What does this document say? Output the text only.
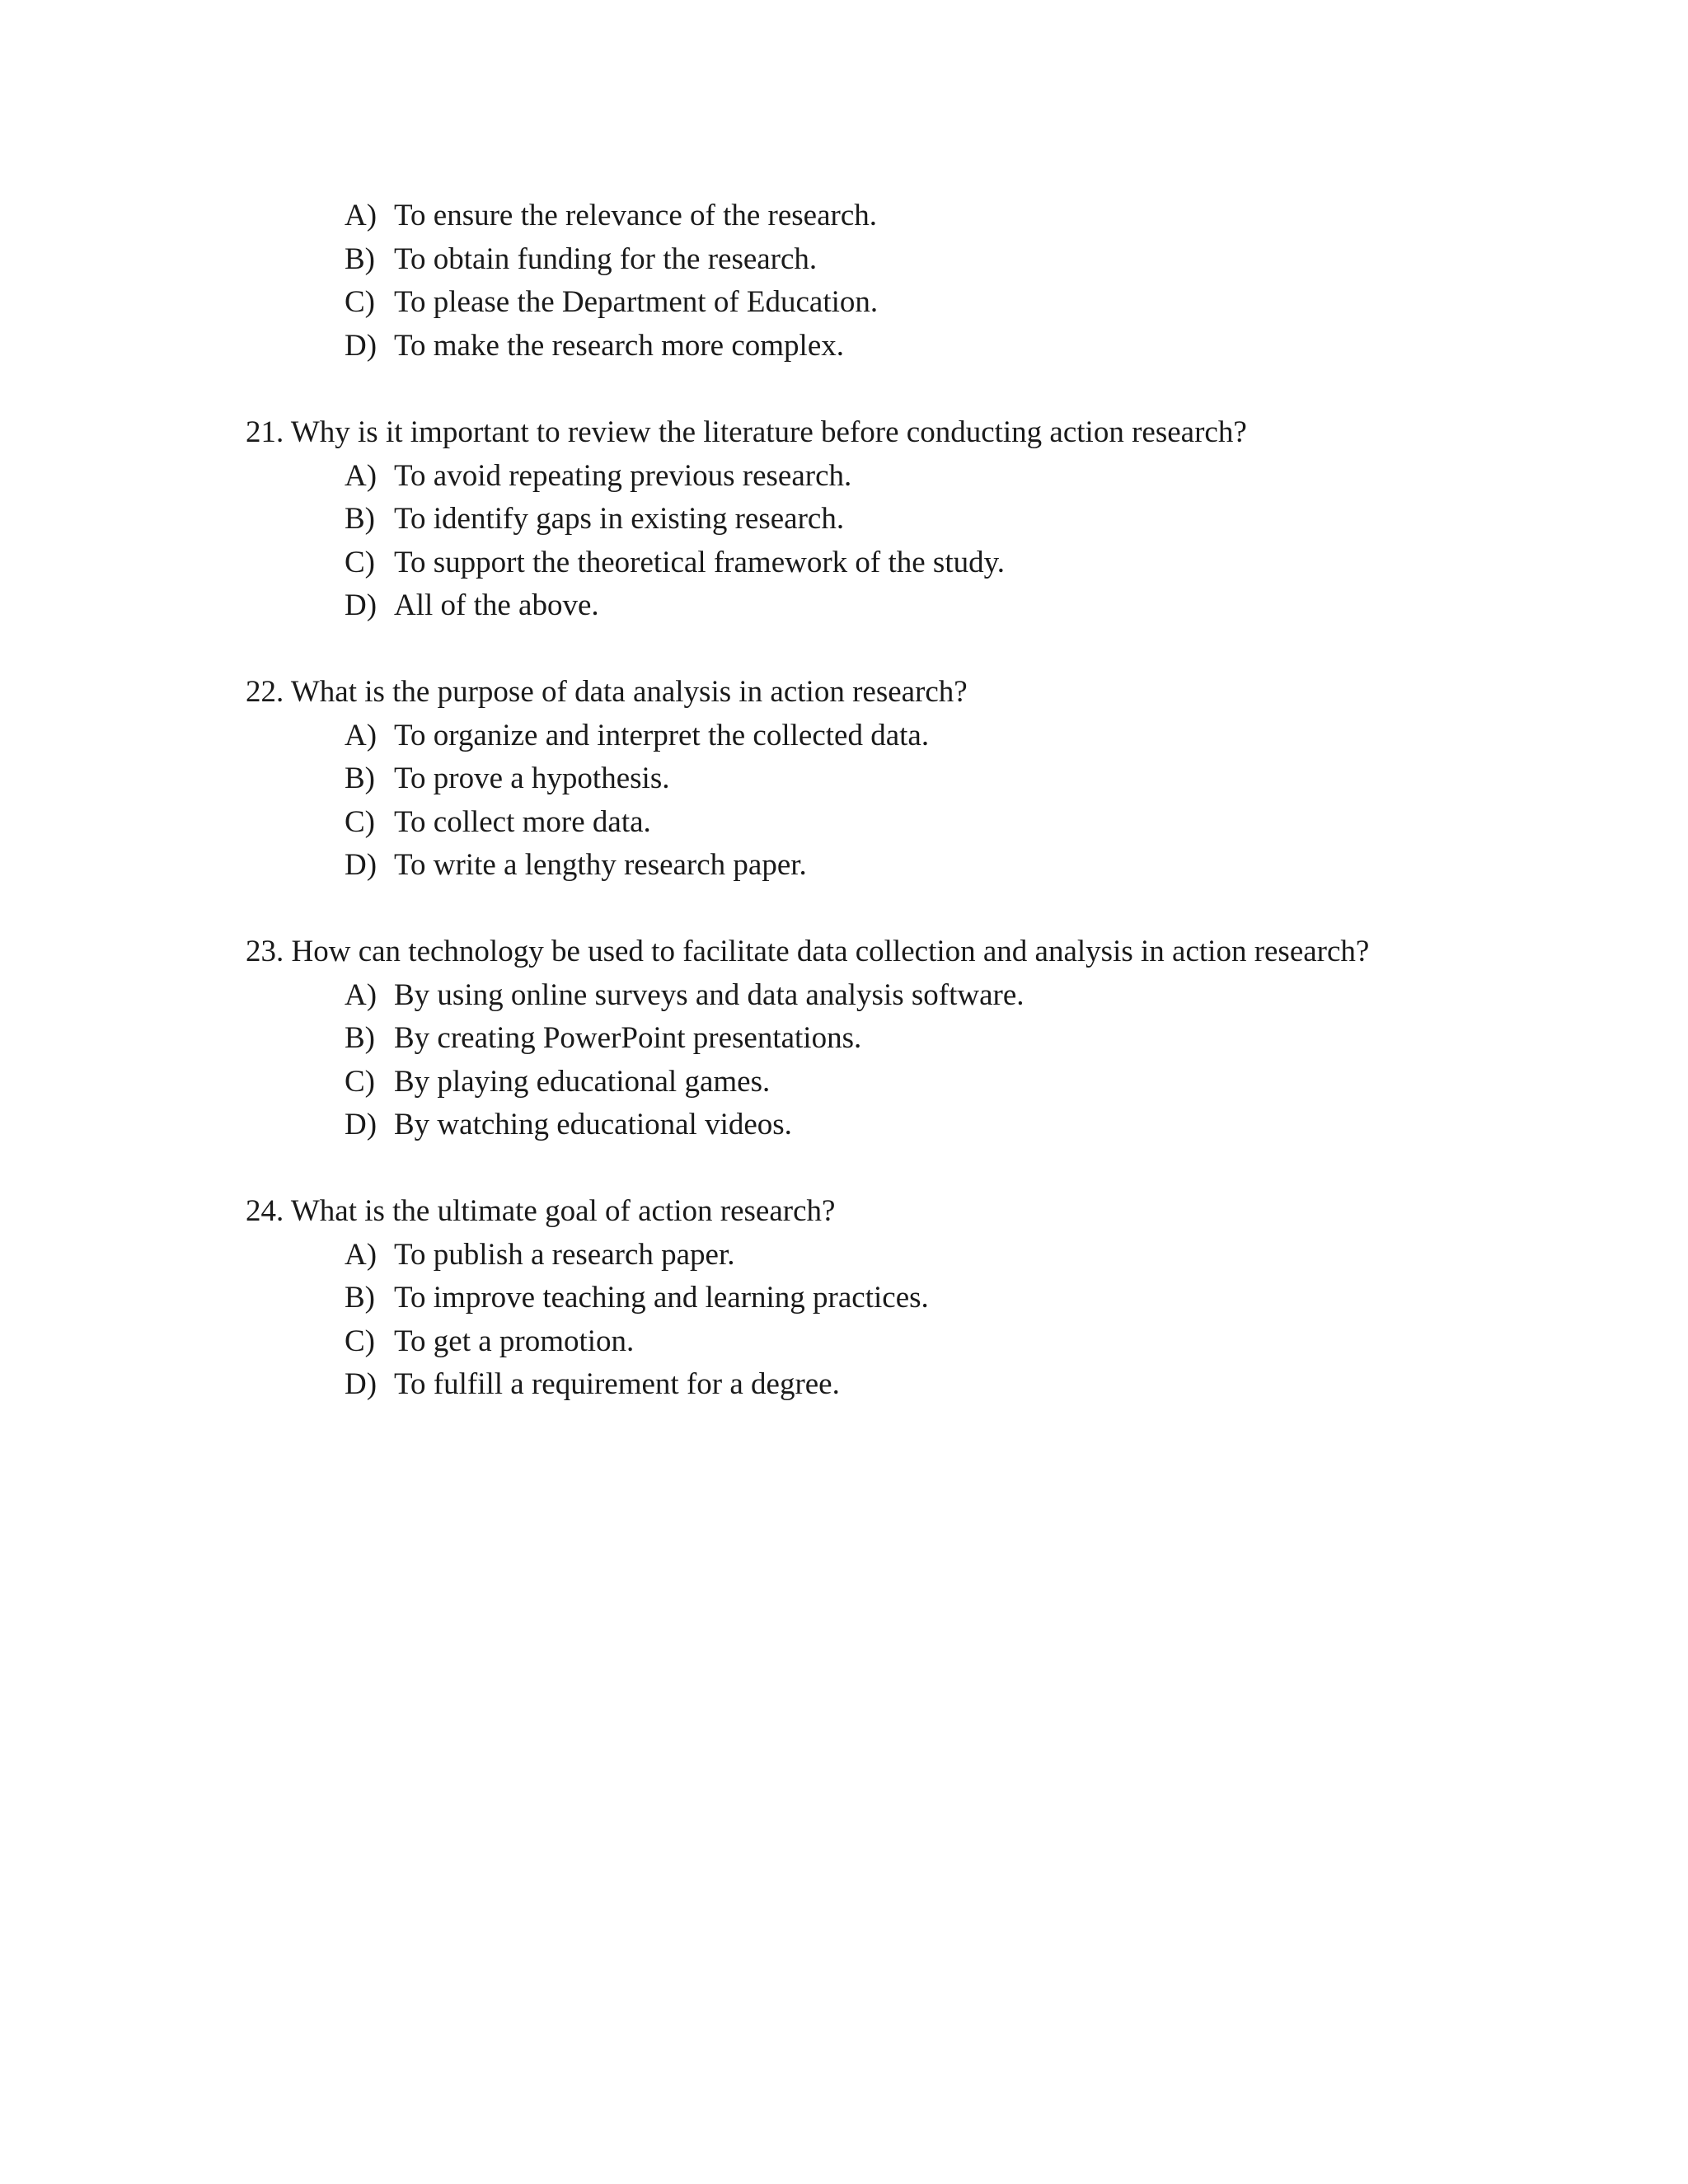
A) To ensure the relevance of the research.
B) To obtain funding for the research.
C) To please the Department of Education.
D) To make the research more complex.
21. Why is it important to review the literature before conducting action research?
A) To avoid repeating previous research.
B) To identify gaps in existing research.
C) To support the theoretical framework of the study.
D) All of the above.
22. What is the purpose of data analysis in action research?
A) To organize and interpret the collected data.
B) To prove a hypothesis.
C) To collect more data.
D) To write a lengthy research paper.
23. How can technology be used to facilitate data collection and analysis in action research?
A) By using online surveys and data analysis software.
B) By creating PowerPoint presentations.
C) By playing educational games.
D) By watching educational videos.
24. What is the ultimate goal of action research?
A) To publish a research paper.
B) To improve teaching and learning practices.
C) To get a promotion.
D) To fulfill a requirement for a degree.
